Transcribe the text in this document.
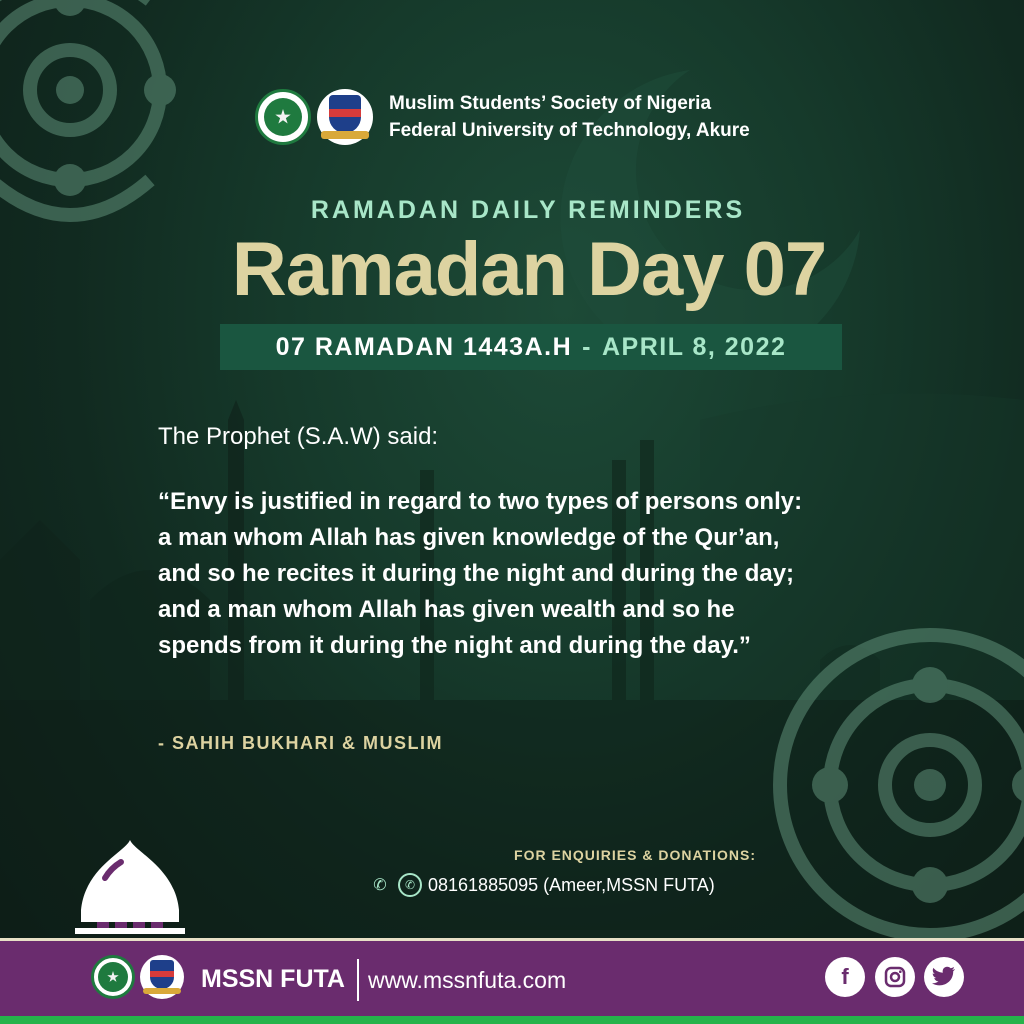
Muslim Students’ Society of Nigeria
Federal University of Technology, Akure
RAMADAN DAILY REMINDERS
Ramadan Day 07
07 RAMADAN 1443A.H - APRIL 8, 2022
The Prophet (S.A.W) said:
“Envy is justified in regard to two types of persons only: a man whom Allah has given knowledge of the Qur’an, and so he recites it during the night and during the day; and a man whom Allah has given wealth and so he spends from it during the night and during the day.”
- SAHIH BUKHARI & MUSLIM
FOR ENQUIRIES & DONATIONS:
✆	✆ 08161885095 (Ameer,MSSN FUTA)
MSSN FUTA www.mssnfuta.com	f
